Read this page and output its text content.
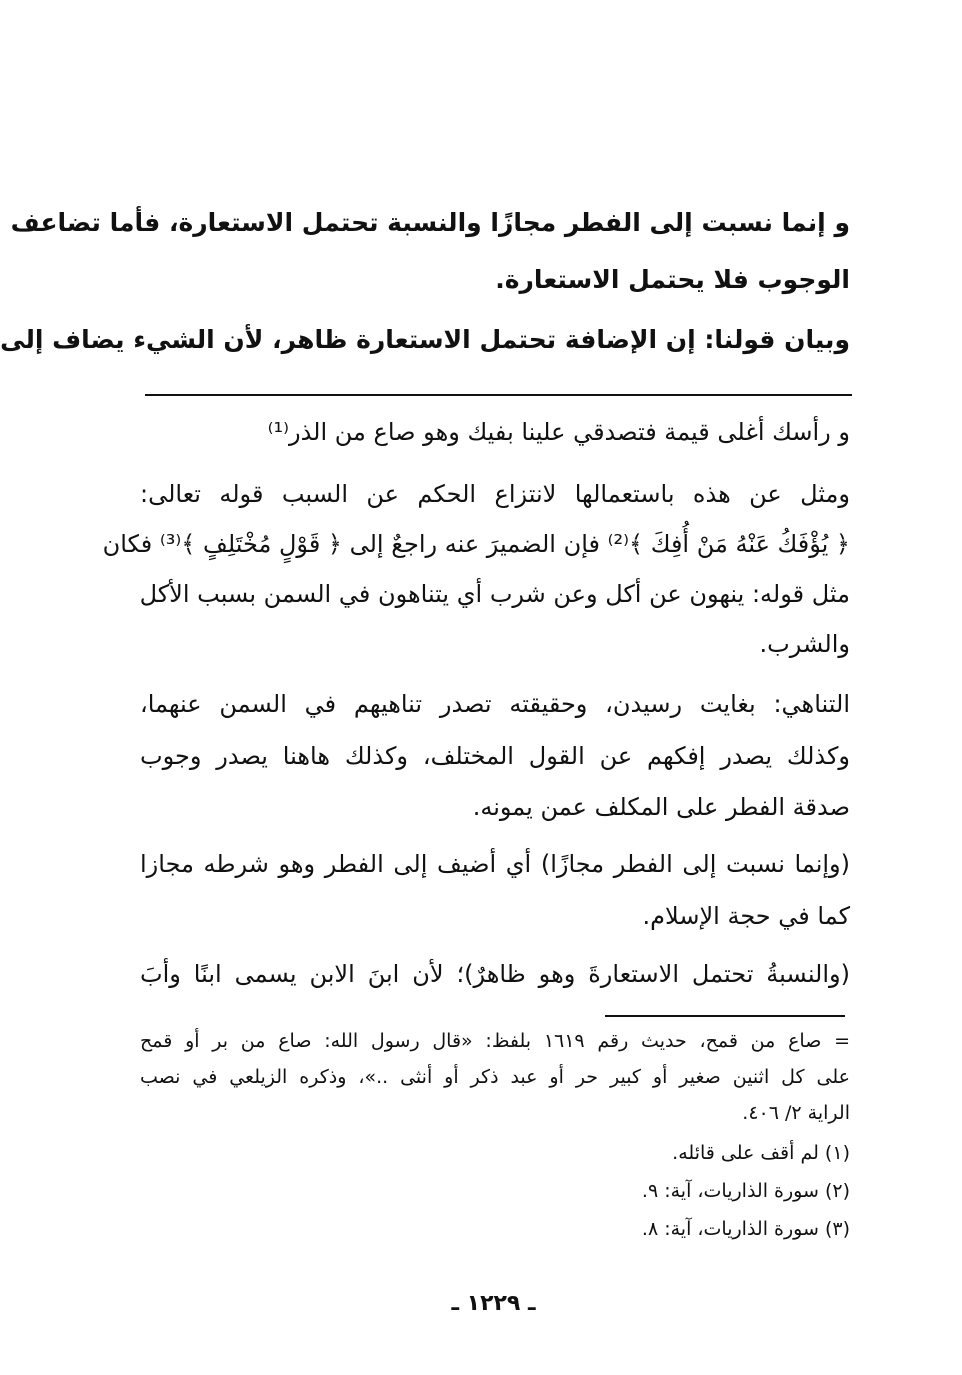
و إنما نسبت إلى الفطر مجازًا والنسبة تحتمل الاستعارة، فأما تضاعف
الوجوب فلا يحتمل الاستعارة.
وبيان قولنا: إن الإضافة تحتمل الاستعارة ظاهر، لأن الشيء يضاف إلى
و رأسك أغلى قيمة فتصدقي علينا بفيك وهو صاع من الذر⁽¹⁾
ومثل عن هذه باستعمالها لانتزاع الحكم عن السبب قوله تعالى:
﴿ يُؤْفَكُ عَنْهُ مَنْ أُفِكَ ﴾⁽²⁾ فإن الضميرَ عنه راجعٌ إلى ﴿ قَوْلٍ مُخْتَلِفٍ ﴾⁽³⁾ فكان
مثل قوله: ينهون عن أكل وعن شرب أي يتناهون في السمن بسبب الأكل
والشرب.
التناهي: بغايت رسيدن، وحقيقته تصدر تناهيهم في السمن عنهما،
وكذلك يصدر إفكهم عن القول المختلف، وكذلك هاهنا يصدر وجوب
صدقة الفطر على المكلف عمن يمونه.
(وإنما نسبت إلى الفطر مجازًا) أي أضيف إلى الفطر وهو شرطه مجازا
كما في حجة الإسلام.
(والنسبةُ تحتمل الاستعارةَ وهو ظاهرٌ)؛ لأن ابنَ الابن يسمى ابنًا وأبَ
= صاع من قمح، حديث رقم ١٦١٩ بلفظ: «قال رسول الله: صاع من بر أو قمح
على كل اثنين صغير أو كبير حر أو عبد ذكر أو أنثى ..»، وذكره الزيلعي في نصب
الراية ٢/ ٤٠٦.
(١) لم أقف على قائله.
(٢) سورة الذاريات، آية: ٩.
(٣) سورة الذاريات، آية: ٨.
ـ ١٢٢٩ ـ
